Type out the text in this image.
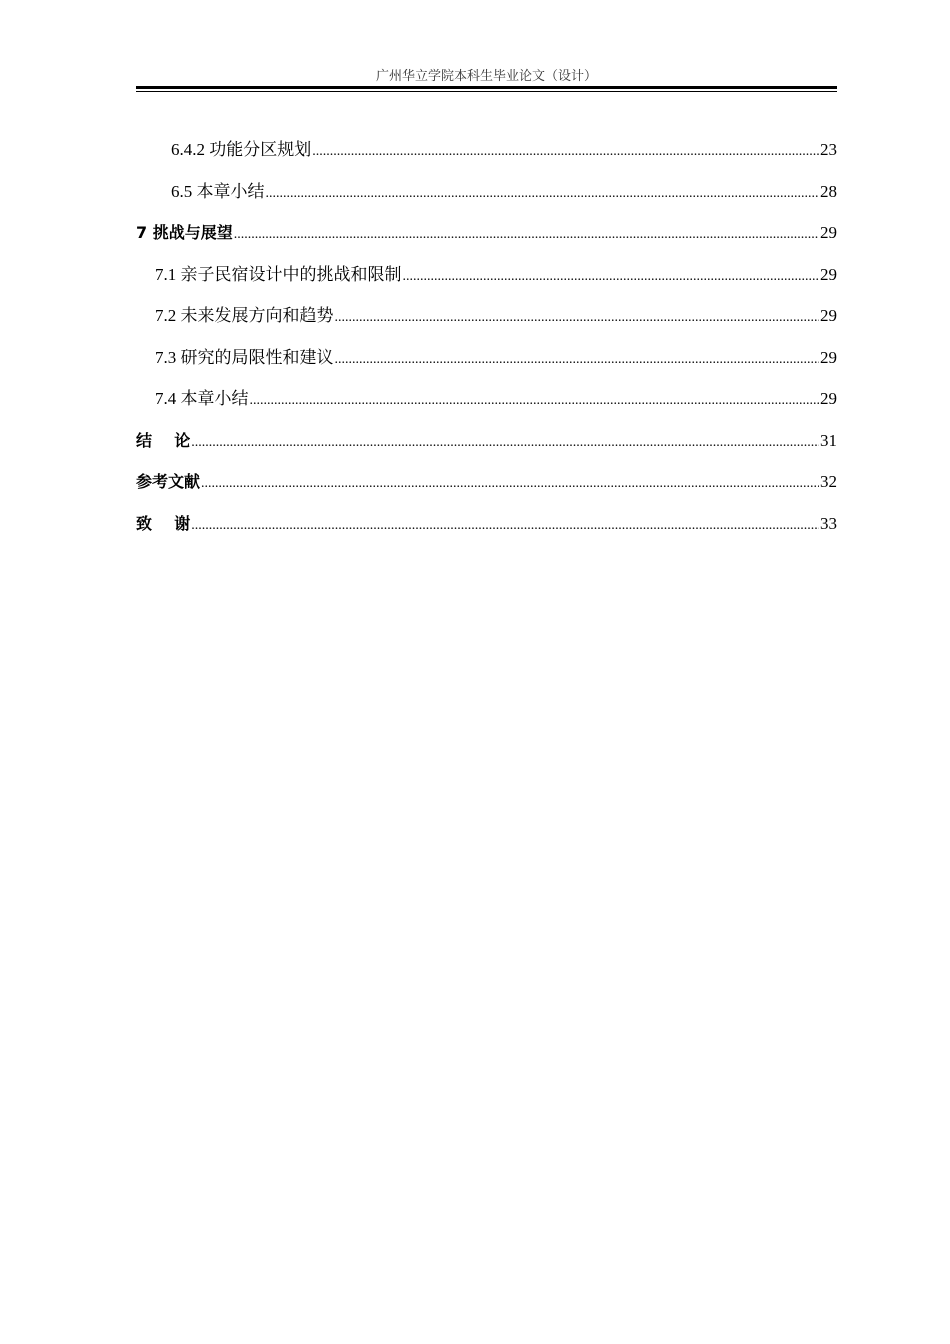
广州华立学院本科生毕业论文（设计）
6.4.2 功能分区规划 .....	23
6.5 本章小结 .....	28
7 挑战与展望 .....	29
7.1 亲子民宿设计中的挑战和限制 .....	29
7.2 未来发展方向和趋势 .....	29
7.3 研究的局限性和建议 .....	29
7.4 本章小结 .....	29
结    论 .....	31
参考文献 .....	32
致    谢 .....	33
